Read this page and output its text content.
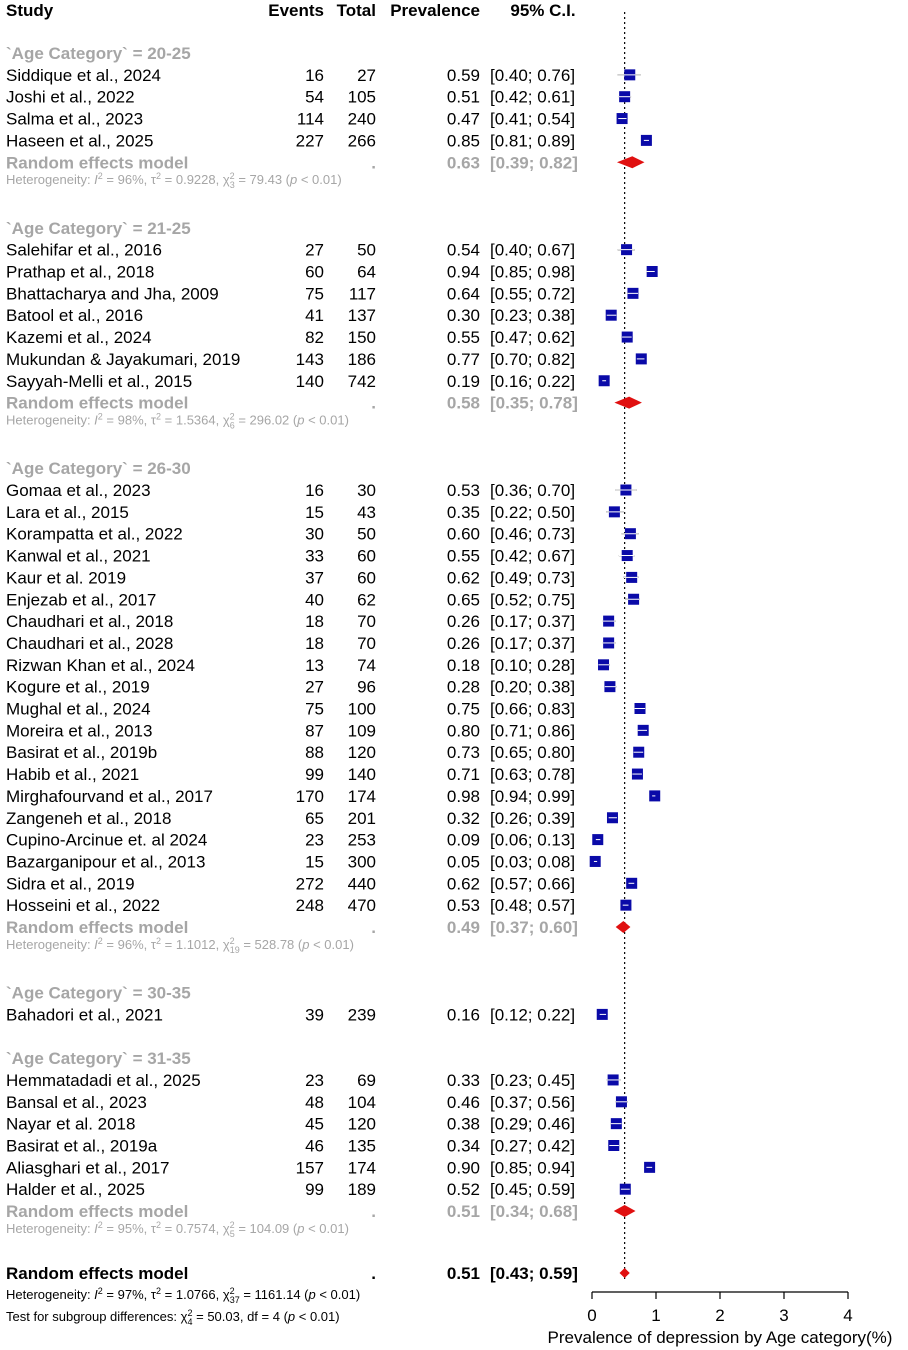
Study	Events Total Prevalence 95% C.I.
`Age Category` = 20-25
Siddique et al., 2024	16 27	0.59 [0.40; 0.76]
Joshi et al., 2022	54 105	0.51 [0.42; 0.61]
Salma et al., 2023	114 240	0.47 [0.41; 0.54]
Haseen et al., 2025	227 266	0.85 [0.81; 0.89]
Random effects model	.	0.63 [0.39; 0.82]
Heterogeneity: $I^2 = 96\%$, $\tau^2 = 0.9228$, $\chi^2$ 3 = 79.43 (p < 0.01)
`Age Category` = 21-25
Salehifar et al., 2016	27 50	0.54 [0.40; 0.67]
Prathap et al., 2018	60 64	0.94 [0.85; 0.98]
Bhattacharya and Jha, 2009	75 117	0.64 [0.55; 0.72]
Batool et al., 2016	41 137	0.30 [0.23; 0.38]
Kazemi et al., 2024	82 150	0.55 [0.47; 0.62]
Mukundan & Jayakumari, 2019	143 186	0.77 [0.70; 0.82]
Sayyah-Melli et al., 2015	140 742	0.19 [0.16; 0.22]
Random effects model	.	0.58 [0.35; 0.78]
Heterogeneity: $I^2 = 98\%$, $\tau^2 = 1.5364$, $\chi^2$ 6 = 296.02 (p < 0.01)
`Age Category` = 26-30
Gomaa et al., 2023	16 30	0.53 [0.36; 0.70]
Lara et al., 2015	15 43	0.35 [0.22; 0.50]
Korampatta et al., 2022	30 50	0.60 [0.46; 0.73]
Kanwal et al., 2021	33 60	0.55 [0.42; 0.67]
Kaur et al. 2019	37 60	0.62 [0.49; 0.73]
Enjezab et al., 2017	40 62	0.65 [0.52; 0.75]
Chaudhari et al., 2018	18 70	0.26 [0.17; 0.37]
Chaudhari et al., 2028	18 70	0.26 [0.17; 0.37]
Rizwan Khan et al., 2024	13 74	0.18 [0.10; 0.28]
Kogure et al., 2019	27 96	0.28 [0.20; 0.38]
Mughal et al., 2024	75 100	0.75 [0.66; 0.83]
Moreira et al., 2013	87 109	0.80 [0.71; 0.86]
Basirat et al., 2019b	88 120	0.73 [0.65; 0.80]
Habib et al., 2021	99 140	0.71 [0.63; 0.78]
Mirghafourvand et al., 2017	170 174	0.98 [0.94; 0.99]
Zangeneh et al., 2018	65 201	0.32 [0.26; 0.39]
Cupino-Arcinue et. al 2024	23 253	0.09 [0.06; 0.13]
Bazarganipour et al., 2013	15 300	0.05 [0.03; 0.08]
Sidra et al., 2019	272 440	0.62 [0.57; 0.66]
Hosseini et al., 2022	248 470	0.53 [0.48; 0.57]
Random effects model	.	0.49 [0.37; 0.60]
Heterogeneity: $I^2 = 96\%$, $\tau^2 = 1.1012$, $\chi^2$ 19 = 528.78 (p < 0.01)
`Age Category` = 30-35
Bahadori et al., 2021	39 239	0.16 [0.12; 0.22]
`Age Category` = 31-35
Hemmatadadi et al., 2025	23 69	0.33 [0.23; 0.45]
Bansal et al., 2023	48 104	0.46 [0.37; 0.56]
Nayar et al. 2018	45 120	0.38 [0.29; 0.46]
Basirat et al., 2019a	46 135	0.34 [0.27; 0.42]
Aliasghari et al., 2017	157 174	0.90 [0.85; 0.94]
Halder et al., 2025	99 189	0.52 [0.45; 0.59]
Random effects model	.	0.51 [0.34; 0.68]
Heterogeneity: $I^2 = 95\%$, $\tau^2 = 0.7574$, $\chi^2$ 5 = 104.09 (p < 0.01)
Random effects model	.	0.51 [0.43; 0.59]
Heterogeneity: $I^2 = 97\%$, $\tau^2 = 1.0766$, $\chi^2$ 37 = 1161.14 (p < 0.01)
Test for subgroup differences: $\chi^2$ 4 = 50.03, df = 4 (p < 0.01)	0	1	2	3	4
Prevalence of depression by Age category(%)
